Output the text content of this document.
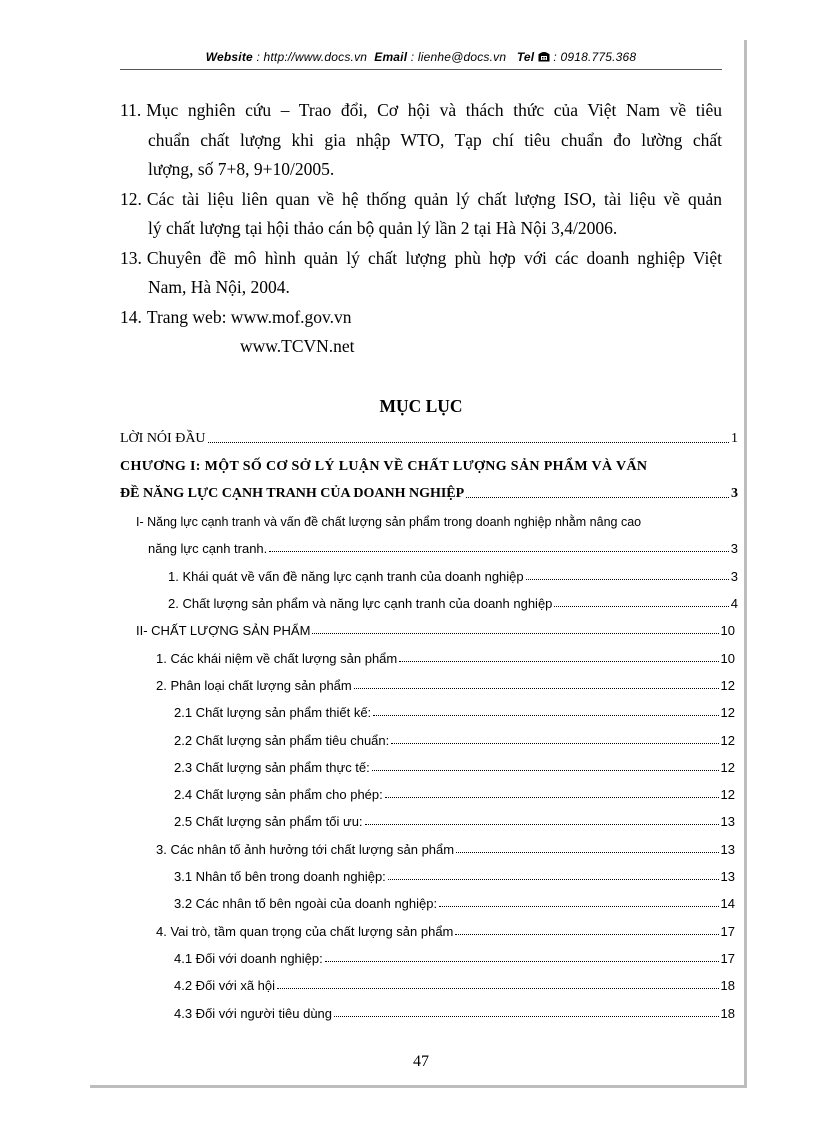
Website : http://www.docs.vn Email : lienhe@docs.vn Tel : 0918.775.368
11. Mục nghiên cứu – Trao đổi, Cơ hội và thách thức của Việt Nam về tiêu
chuẩn chất lượng khi gia nhập WTO, Tạp chí tiêu chuẩn đo lường chất
lượng, số 7+8, 9+10/2005.
12. Các tài liệu liên quan về hệ thống quản lý chất lượng ISO, tài liệu về quản
lý chất lượng tại hội thảo cán bộ quản lý lần 2 tại Hà Nội 3,4/2006.
13. Chuyên đề mô hình quản lý chất lượng phù hợp với các doanh nghiệp Việt
Nam, Hà Nội, 2004.
14. Trang web: www.mof.gov.vn
www.TCVN.net
MỤC LỤC
LỜI NÓI ĐẦU	1
CHƯƠNG I: MỘT SỐ CƠ SỞ LÝ LUẬN VỀ CHẤT LƯỢNG SẢN PHẨM VÀ VẤN
ĐỀ NĂNG LỰC CẠNH TRANH CỦA DOANH NGHIỆP	3
I- Năng lực cạnh tranh và vấn đề chất lượng sản phẩm trong doanh nghiệp nhằm nâng cao
năng lực cạnh tranh.	3
1. Khái quát về vấn đề năng lực cạnh tranh của doanh nghiệp	3
2. Chất lượng sản phẩm và năng lực cạnh tranh của doanh nghiệp	4
II- CHẤT LƯỢNG SẢN PHẨM	10
1. Các khái niệm về chất lượng sản phẩm	10
2. Phân loại chất lượng sản phẩm	12
2.1 Chất lượng sản phẩm thiết kế:	12
2.2 Chất lượng sản phẩm tiêu chuẩn:	12
2.3 Chất lượng sản phẩm thực tế:	12
2.4 Chất lượng sản phẩm cho phép:	12
2.5 Chất lượng sản phẩm tối ưu:	13
3. Các nhân tố ảnh hưởng tới chất lượng sản phẩm	13
3.1 Nhân tố bên trong doanh nghiệp:	13
3.2 Các nhân tố bên ngoài của doanh nghiệp:	14
4. Vai trò, tầm quan trọng của chất lượng sản phẩm	17
4.1 Đối với doanh nghiệp:	17
4.2 Đối với xã hội	18
4.3 Đối với người tiêu dùng	18
47
